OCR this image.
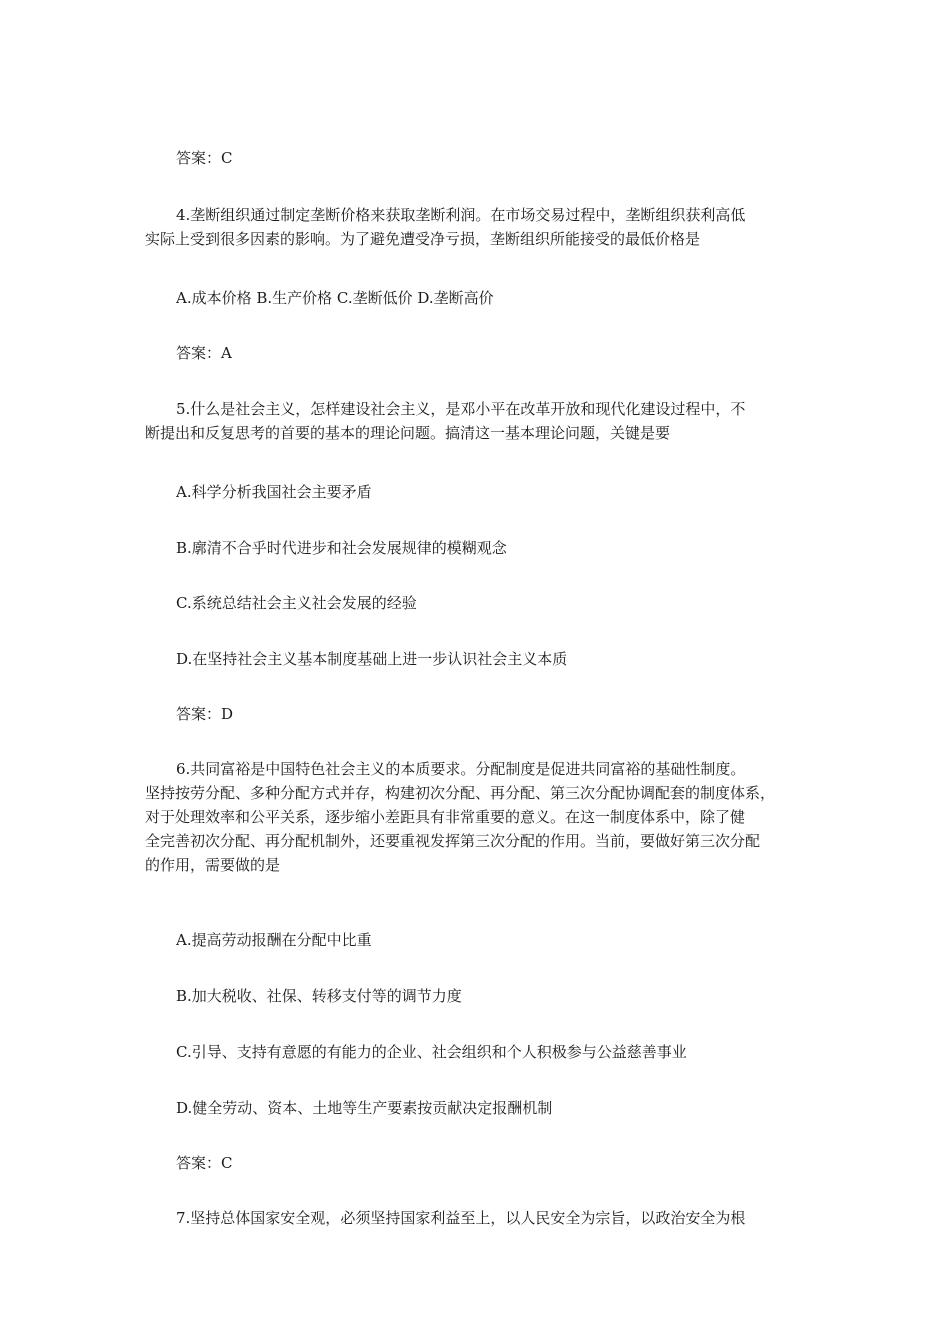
答案：C

4.垄断组织通过制定垄断价格来获取垄断利润。在市场交易过程中，垄断组织获利高低
实际上受到很多因素的影响。为了避免遭受净亏损，垄断组织所能接受的最低价格是

A.成本价格 B.生产价格 C.垄断低价 D.垄断高价

答案：A

5.什么是社会主义，怎样建设社会主义，是邓小平在改革开放和现代化建设过程中，不
断提出和反复思考的首要的基本的理论问题。搞清这一基本理论问题，关键是要

A.科学分析我国社会主要矛盾

B.廓清不合乎时代进步和社会发展规律的模糊观念

C.系统总结社会主义社会发展的经验

D.在坚持社会主义基本制度基础上进一步认识社会主义本质

答案：D

6.共同富裕是中国特色社会主义的本质要求。分配制度是促进共同富裕的基础性制度。
坚持按劳分配、多种分配方式并存，构建初次分配、再分配、第三次分配协调配套的制度体系，
对于处理效率和公平关系，逐步缩小差距具有非常重要的意义。在这一制度体系中，除了健
全完善初次分配、再分配机制外，还要重视发挥第三次分配的作用。当前，要做好第三次分配
的作用，需要做的是

A.提高劳动报酬在分配中比重

B.加大税收、社保、转移支付等的调节力度

C.引导、支持有意愿的有能力的企业、社会组织和个人积极参与公益慈善事业

D.健全劳动、资本、土地等生产要素按贡献决定报酬机制

答案：C

7.坚持总体国家安全观，必须坚持国家利益至上，以人民安全为宗旨，以政治安全为根
